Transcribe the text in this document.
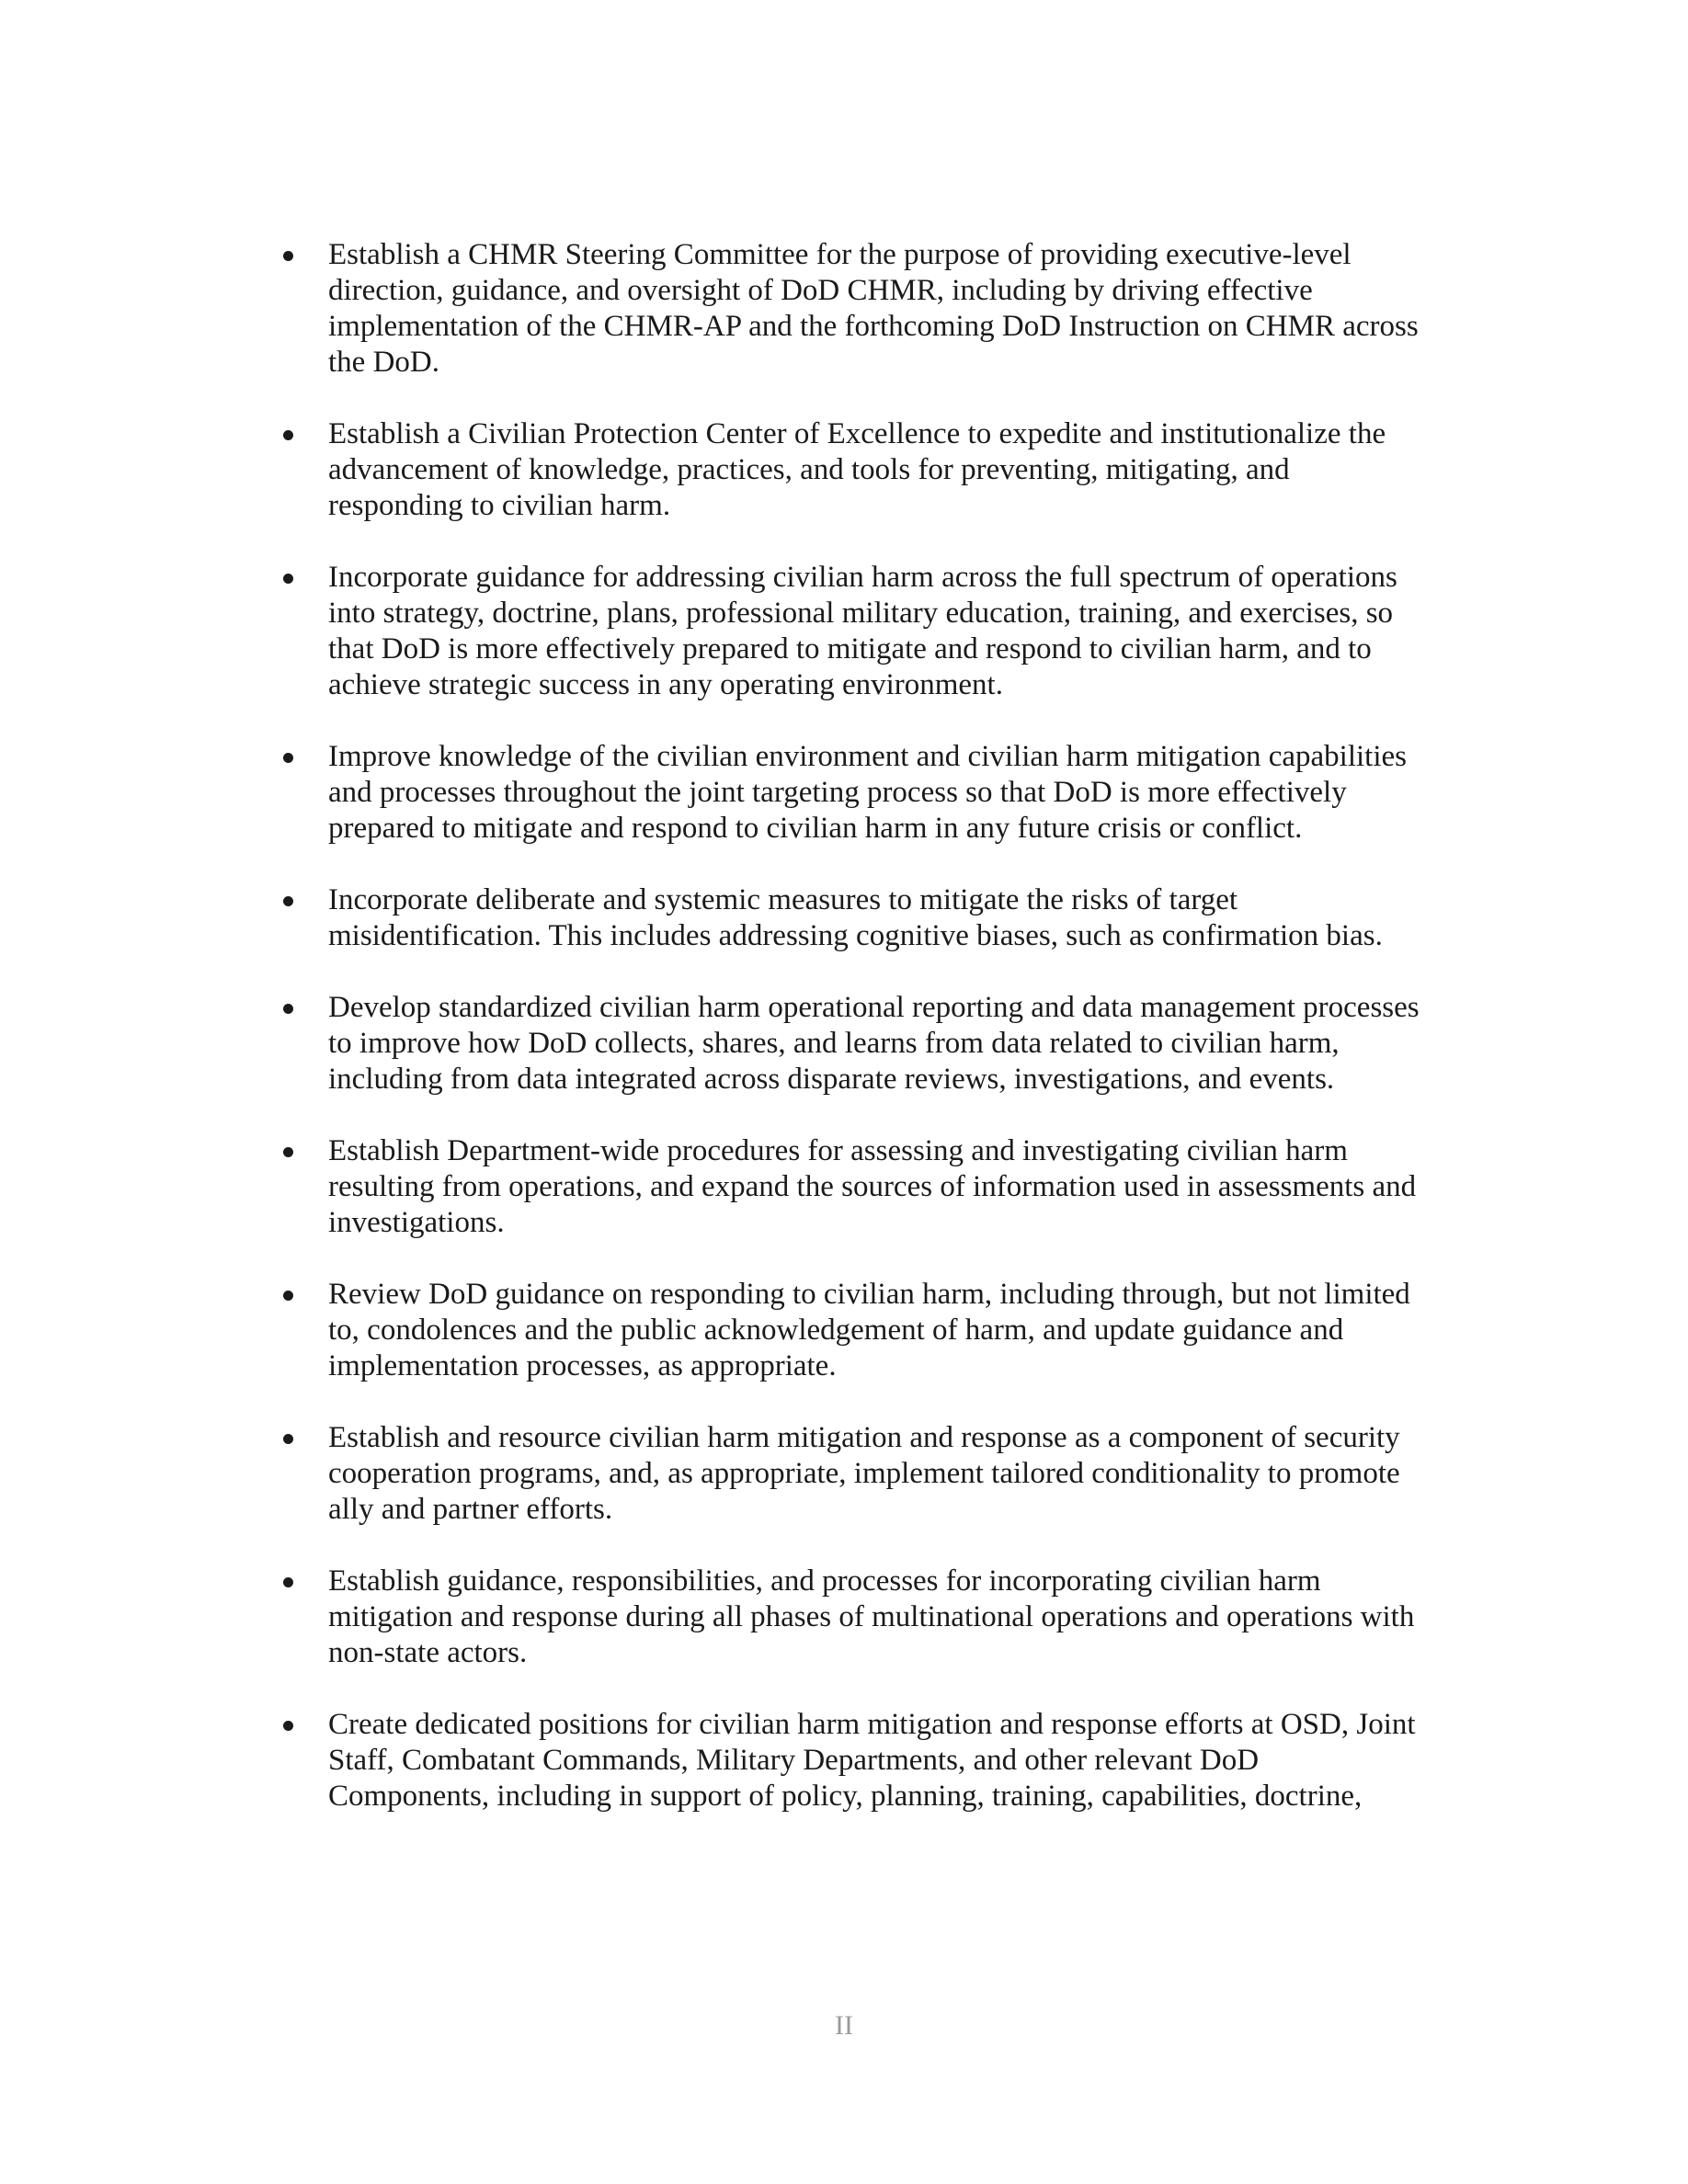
Establish a CHMR Steering Committee for the purpose of providing executive-level direction, guidance, and oversight of DoD CHMR, including by driving effective implementation of the CHMR-AP and the forthcoming DoD Instruction on CHMR across the DoD.
Establish a Civilian Protection Center of Excellence to expedite and institutionalize the advancement of knowledge, practices, and tools for preventing, mitigating, and responding to civilian harm.
Incorporate guidance for addressing civilian harm across the full spectrum of operations into strategy, doctrine, plans, professional military education, training, and exercises, so that DoD is more effectively prepared to mitigate and respond to civilian harm, and to achieve strategic success in any operating environment.
Improve knowledge of the civilian environment and civilian harm mitigation capabilities and processes throughout the joint targeting process so that DoD is more effectively prepared to mitigate and respond to civilian harm in any future crisis or conflict.
Incorporate deliberate and systemic measures to mitigate the risks of target misidentification. This includes addressing cognitive biases, such as confirmation bias.
Develop standardized civilian harm operational reporting and data management processes to improve how DoD collects, shares, and learns from data related to civilian harm, including from data integrated across disparate reviews, investigations, and events.
Establish Department-wide procedures for assessing and investigating civilian harm resulting from operations, and expand the sources of information used in assessments and investigations.
Review DoD guidance on responding to civilian harm, including through, but not limited to, condolences and the public acknowledgement of harm, and update guidance and implementation processes, as appropriate.
Establish and resource civilian harm mitigation and response as a component of security cooperation programs, and, as appropriate, implement tailored conditionality to promote ally and partner efforts.
Establish guidance, responsibilities, and processes for incorporating civilian harm mitigation and response during all phases of multinational operations and operations with non-state actors.
Create dedicated positions for civilian harm mitigation and response efforts at OSD, Joint Staff, Combatant Commands, Military Departments, and other relevant DoD Components, including in support of policy, planning, training, capabilities, doctrine,
II
